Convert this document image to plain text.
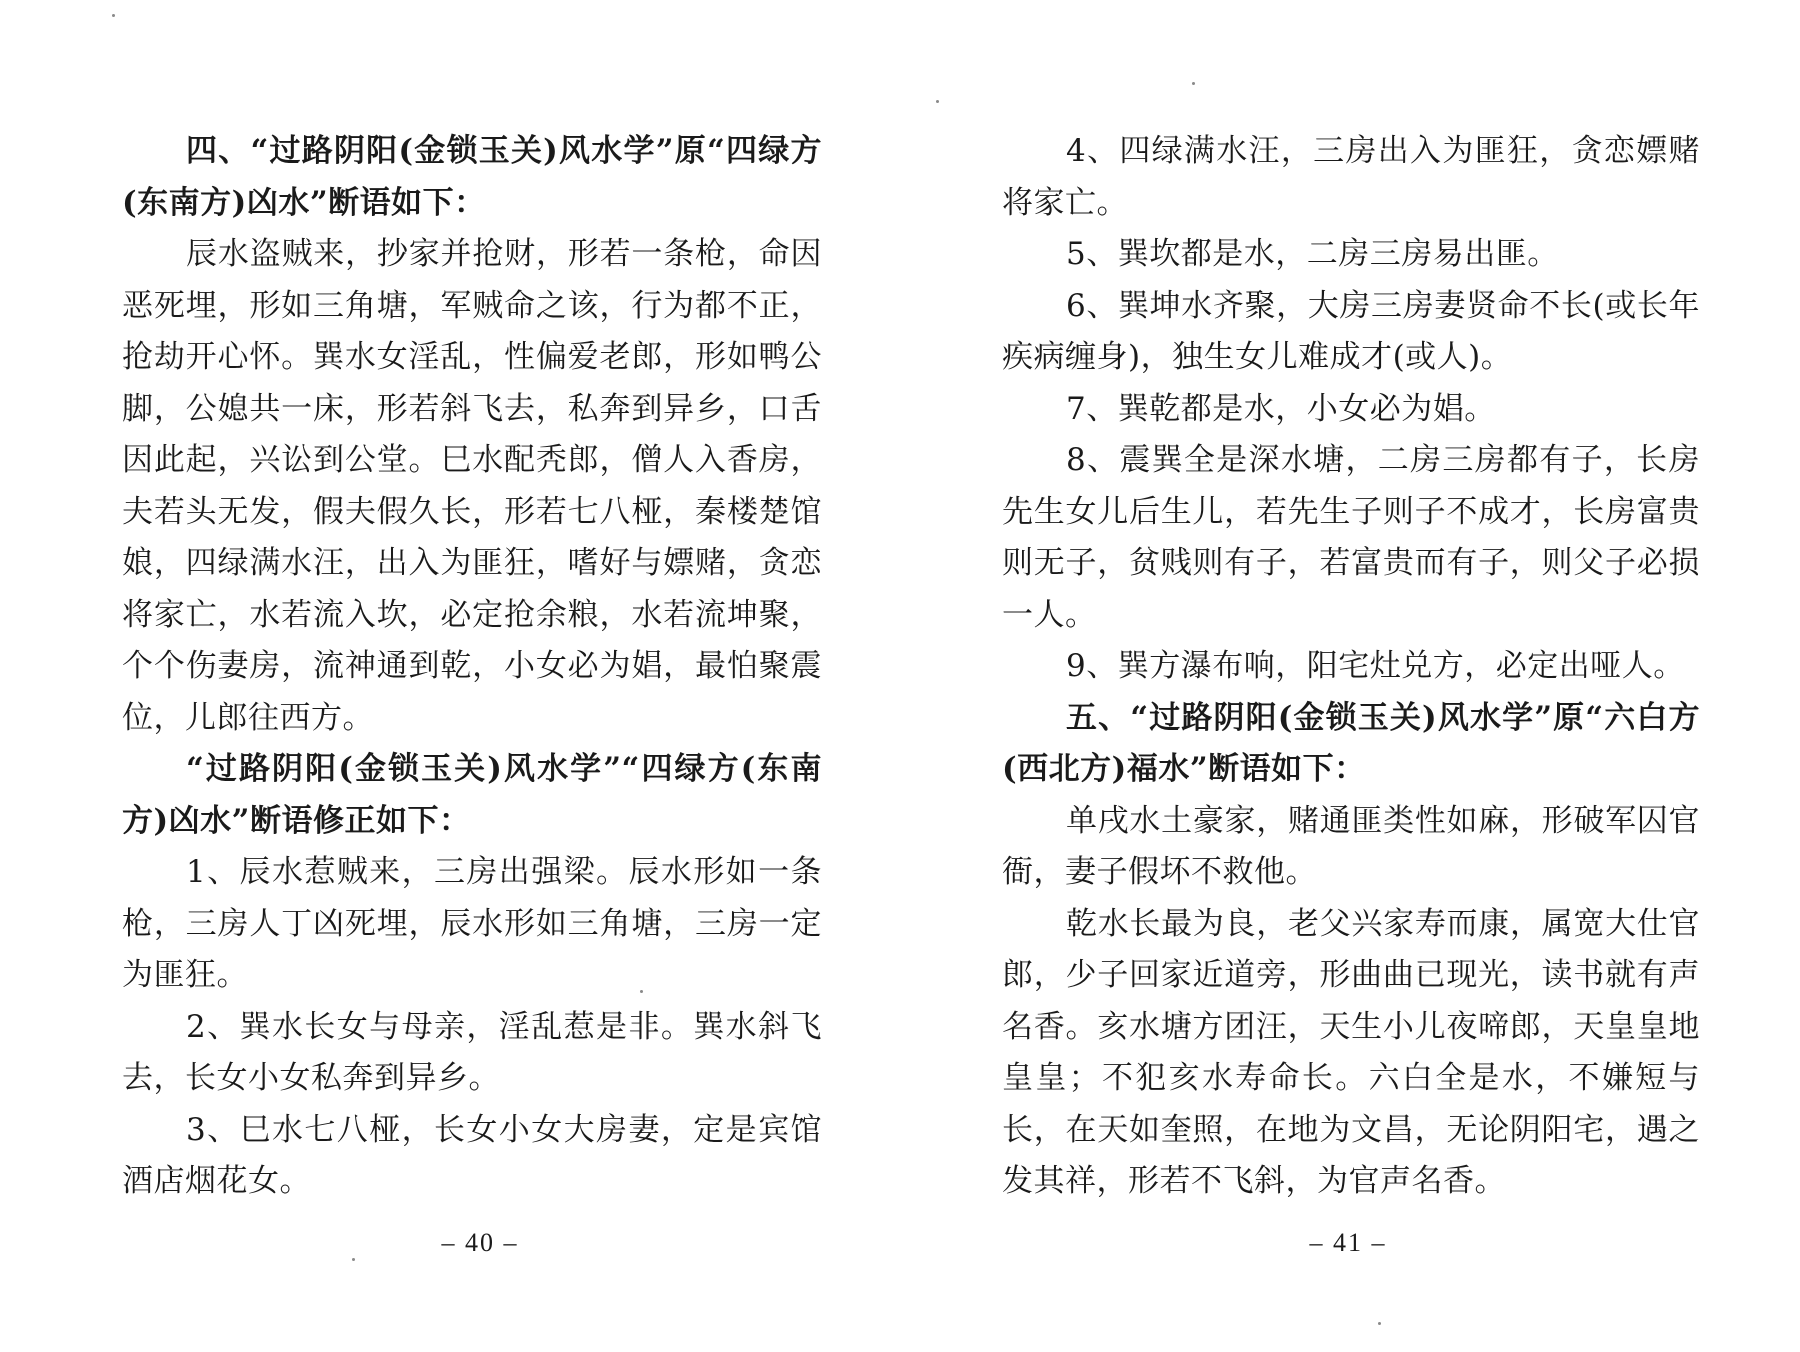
四、“过路阴阳(金锁玉关)风水学”原“四绿方(东南方)凶水”断语如下：

辰水盗贼来，抄家并抢财，形若一条枪，命因恶死埋，形如三角塘，军贼命之该，行为都不正，抢劫开心怀。巽水女淫乱，性偏爱老郎，形如鸭公脚，公媳共一床，形若斜飞去，私奔到异乡，口舌因此起，兴讼到公堂。巳水配秃郎，僧人入香房，夫若头无发，假夫假久长，形若七八桠，秦楼楚馆娘，四绿满水汪，出入为匪狂，嗜好与嫖赌，贪恋将家亡，水若流入坎，必定抢余粮，水若流坤聚，个个伤妻房，流神通到乾，小女必为娼，最怕聚震位，儿郎往西方。

“过路阴阳(金锁玉关)风水学”“四绿方(东南方)凶水”断语修正如下：

1、辰水惹贼来，三房出强梁。辰水形如一条枪，三房人丁凶死埋，辰水形如三角塘，三房一定为匪狂。

2、巽水长女与母亲，淫乱惹是非。巽水斜飞去，长女小女私奔到异乡。

3、巳水七八桠，长女小女大房妻，定是宾馆酒店烟花女。

– 40 –

4、四绿满水汪，三房出入为匪狂，贪恋嫖赌将家亡。

5、巽坎都是水，二房三房易出匪。

6、巽坤水齐聚，大房三房妻贤命不长(或长年疾病缠身)，独生女儿难成才(或人)。

7、巽乾都是水，小女必为娼。

8、震巽全是深水塘，二房三房都有子，长房先生女儿后生儿，若先生子则子不成才，长房富贵则无子，贫贱则有子，若富贵而有子，则父子必损一人。

9、巽方瀑布响，阳宅灶兑方，必定出哑人。

五、“过路阴阳(金锁玉关)风水学”原“六白方(西北方)福水”断语如下：

单戌水土豪家，赌通匪类性如麻，形破军囚官衙，妻子假坏不救他。

乾水长最为良，老父兴家寿而康，属宽大仕官郎，少子回家近道旁，形曲曲已现光，读书就有声名香。亥水塘方团汪，天生小儿夜啼郎，天皇皇地皇皇；不犯亥水寿命长。六白全是水，不嫌短与长，在天如奎照，在地为文昌，无论阴阳宅，遇之发其祥，形若不飞斜，为官声名香。

– 41 –
